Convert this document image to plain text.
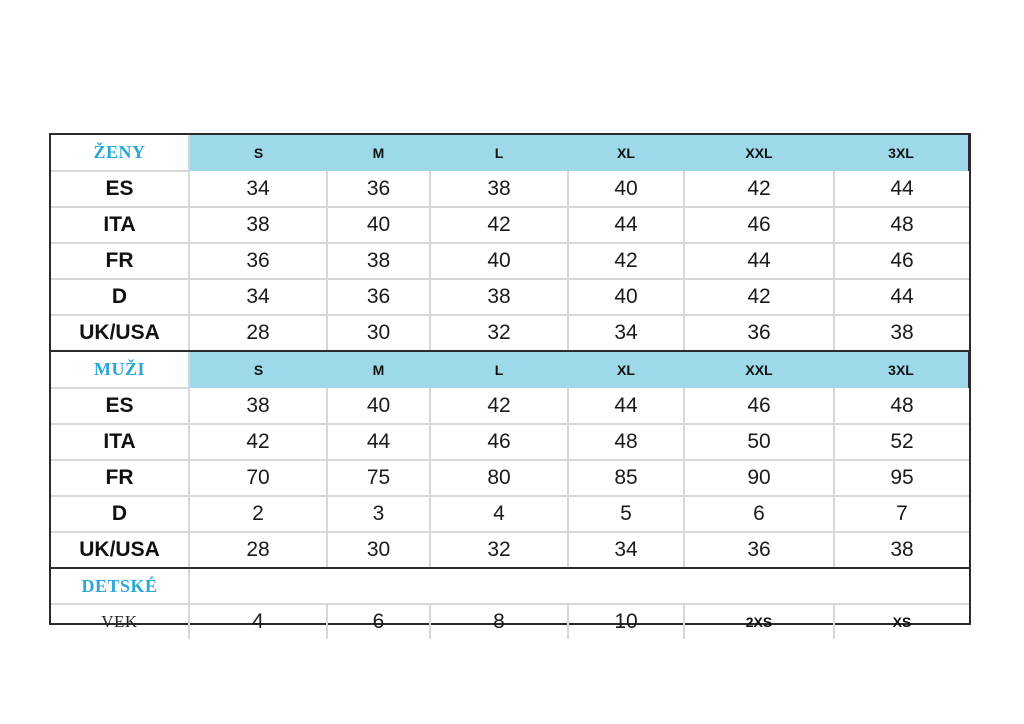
ŽENY	S	M	L	XL	XXL	3XL
ES	34	36	38	40	42	44
ITA	38	40	42	44	46	48
FR	36	38	40	42	44	46
D	34	36	38	40	42	44
UK/USA	28	30	32	34	36	38
MUŽI	S	M	L	XL	XXL	3XL
ES	38	40	42	44	46	48
ITA	42	44	46	48	50	52
FR	70	75	80	85	90	95
D	2	3	4	5	6	7
UK/USA	28	30	32	34	36	38
DETSKÉ						
VEK	4	6	8	10	2XS	XS
